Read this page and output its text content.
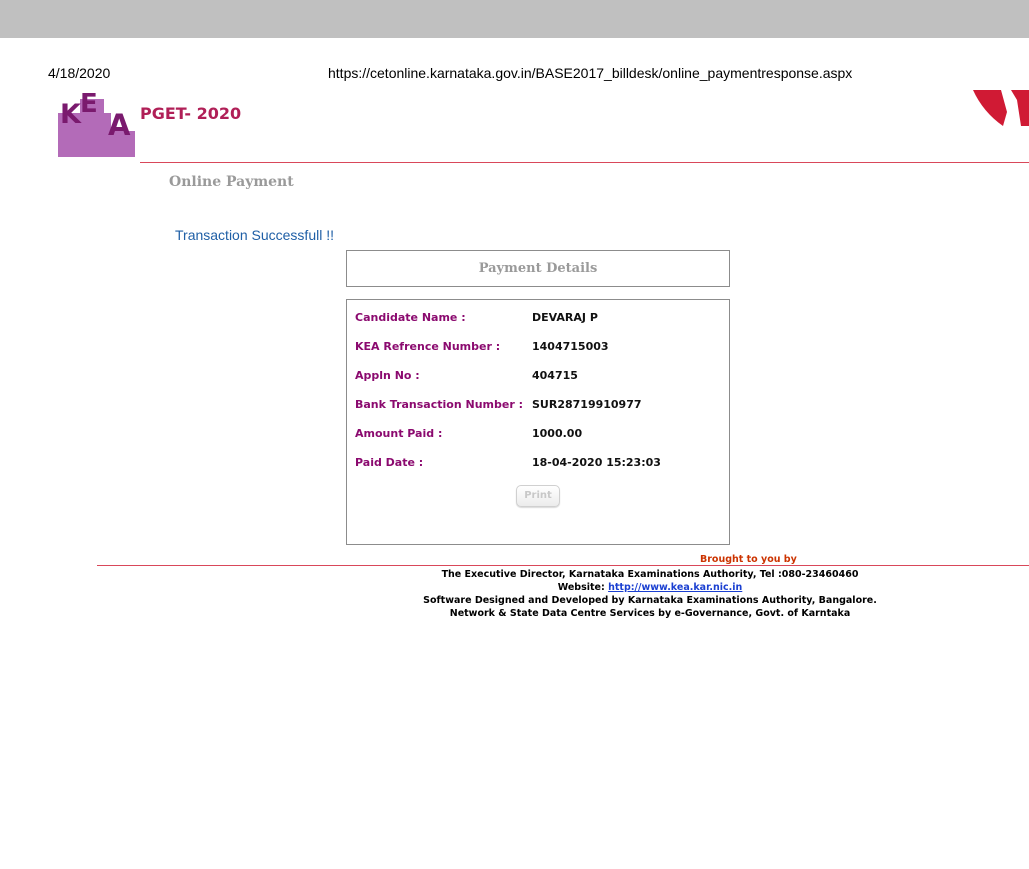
4/18/2020	https://cetonline.karnataka.gov.in/BASE2017_billdesk/online_paymentresponse.aspx
K E
A PGET- 2020
Online Payment
Transaction Successfull !!
Payment Details
Candidate Name :	DEVARAJ P
KEA Refrence Number :	1404715003
Appln No :	404715
Bank Transaction Number : SUR28719910977
Amount Paid :	1000.00
Paid Date :	18-04-2020 15:23:03
Print
Brought to you by
The Executive Director, Karnataka Examinations Authority, Tel :080-23460460
Website: http://www.kea.kar.nic.in
Software Designed and Developed by Karnataka Examinations Authority, Bangalore.
Network & State Data Centre Services by e-Governance, Govt. of Karntaka
